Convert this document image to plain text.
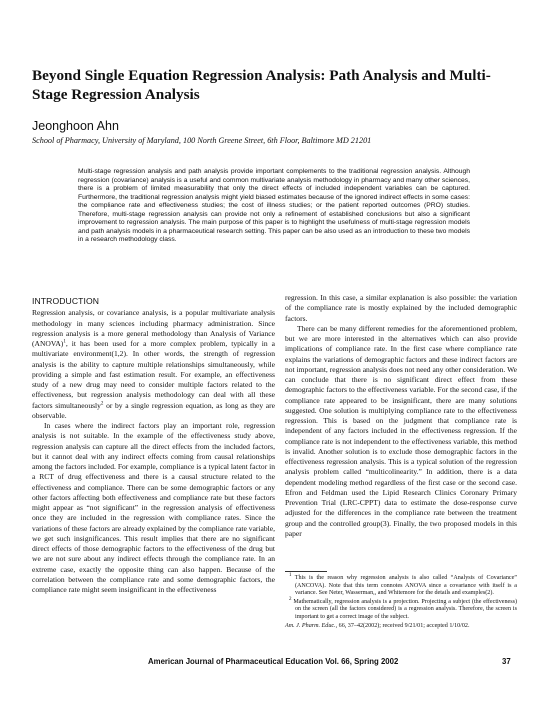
Beyond Single Equation Regression Analysis: Path Analysis and Multi-Stage Regression Analysis
Jeonghoon Ahn
School of Pharmacy, University of Maryland, 100 North Greene Street, 6th Floor, Baltimore MD 21201
Multi-stage regression analysis and path analysis provide important complements to the traditional regression analysis. Although regression (covariance) analysis is a useful and common multivariate analysis methodology in pharmacy and many other sciences, there is a problem of limited measurability that only the direct effects of included independent variables can be captured. Furthermore, the traditional regression analysis might yield biased estimates because of the ignored indirect effects in some cases: the compliance rate and effectiveness studies; the cost of illness studies; or the patient reported outcomes (PRO) studies. Therefore, multi-stage regression analysis can provide not only a refinement of established conclusions but also a significant improvement to regression analysis. The main purpose of this paper is to highlight the usefulness of multi-stage regression models and path analysis models in a pharmaceutical research setting. This paper can be also used as an introduction to these two models in a research methodology class.
INTRODUCTION

Regression analysis, or covariance analysis, is a popular multivariate analysis methodology in many sciences including pharmacy administration. Since regression analysis is a more general methodology than Analysis of Variance (ANOVA)$^1$, it has been used for a more complex problem, typically in a multivariate environment(1,2). In other words, the strength of regression analysis is the ability to capture multiple relationships simultaneously, while providing a simple and fast estimation result. For example, an effectiveness study of a new drug may need to consider multiple factors related to the effectiveness, but regression analysis methodology can deal with all these factors simultaneously$^2$ or by a single regression equation, as long as they are observable.

In cases where the indirect factors play an important role, regression analysis is not suitable. In the example of the effectiveness study above, regression analysis can capture all the direct effects from the included factors, but it cannot deal with any indirect effects coming from causal relationships among the factors included. For example, compliance is a typical latent factor in a RCT of drug effectiveness and there is a causal structure related to the effectiveness and compliance. There can be some demographic factors or any other factors affecting both effectiveness and compliance rate but these factors might appear as “not significant” in the regression analysis of effectiveness once they are included in the regression with compliance rates. Since the variations of these factors are already explained by the compliance rate variable, we get such insignificances. This result implies that there are no significant direct effects of those demographic factors to the effectiveness of the drug but we are not sure about any indirect effects through the compliance rate. In an extreme case, exactly the opposite thing can also happen. Because of the correlation between the compliance rate and some demographic factors, the compliance rate might seem insignificant in the effectiveness

regression. In this case, a similar explanation is also possible: the variation of the compliance rate is mostly explained by the included demographic factors.

There can be many different remedies for the aforementioned problem, but we are more interested in the alternatives which can also provide implications of compliance rate. In the first case where compliance rate explains the variations of demographic factors and these indirect factors are not important, regression analysis does not need any other consideration. We can conclude that there is no significant direct effect from these demographic factors to the effectiveness variable. For the second case, if the compliance rate appeared to be insignificant, there are many solutions suggested. One solution is multiplying compliance rate to the effectiveness regression. This is based on the judgment that compliance rate is independent of any factors included in the effectiveness regression. If the compliance rate is not independent to the effectiveness variable, this method is invalid. Another solution is to exclude those demographic factors in the effectiveness regression analysis. This is a typical solution of the regression analysis problem called “multicolinearity.” In addition, there is a data dependent modeling method regardless of the first case or the second case. Efron and Feldman used the Lipid Research Clinics Coronary Primary Prevention Trial (LRC-CPPT) data to estimate the dose-response curve adjusted for the differences in the compliance rate between the treatment group and the controlled group(3). Finally, the two proposed models in this paper

$^1$ This is the reason why regression analysis is also called “Analysis of Covariance” (ANCOVA). Note that this term connotes ANOVA since a covariance with itself is a variance. See Neter, Wasserman,, and Whitemore for the details and examples(2).

$^2$ Mathematically, regression analysis is a projection. Projecting a subject (the effectiveness) on the screen (all the factors considered) is a regression analysis. Therefore, the screen is important to get a correct image of the subject.

Am. J. Pharm. Educ., 66, 37–42(2002); received 9/21/01; accepted 1/10/02.
American Journal of Pharmaceutical Education Vol. 66, Spring 2002	37
